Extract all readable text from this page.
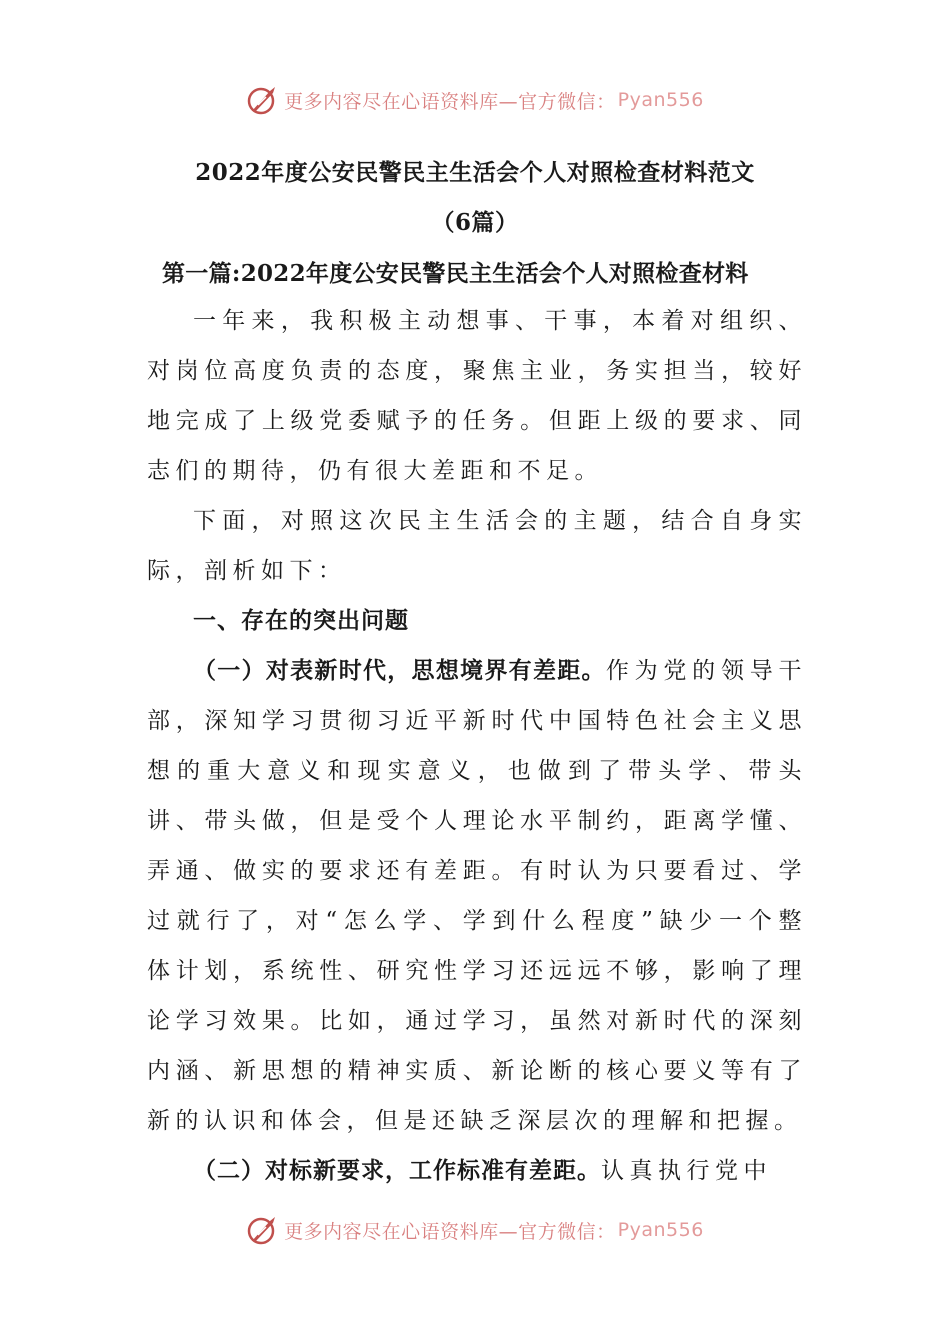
更多内容尽在心语资料库—官方微信： Pyan556
2022年度公安民警民主生活会个人对照检查材料范文
（6篇）
第一篇:2022年度公安民警民主生活会个人对照检查材料

一年来，我积极主动想事、干事，本着对组织、对岗位高度负责的态度，聚焦主业，务实担当，较好地完成了上级党委赋予的任务。但距上级的要求、同志们的期待，仍有很大差距和不足。

下面，对照这次民主生活会的主题，结合自身实际，剖析如下：

一、存在的突出问题

（一）对表新时代，思想境界有差距。作为党的领导干部，深知学习贯彻习近平新时代中国特色社会主义思想的重大意义和现实意义，也做到了带头学、带头讲、带头做，但是受个人理论水平制约，距离学懂、弄通、做实的要求还有差距。有时认为只要看过、学过就行了，对“怎么学、学到什么程度”缺少一个整体计划，系统性、研究性学习还远远不够，影响了理论学习效果。比如，通过学习，虽然对新时代的深刻内涵、新思想的精神实质、新论断的核心要义等有了新的认识和体会，但是还缺乏深层次的理解和把握。

（二）对标新要求，工作标准有差距。认真执行党中

更多内容尽在心语资料库—官方微信： Pyan556
